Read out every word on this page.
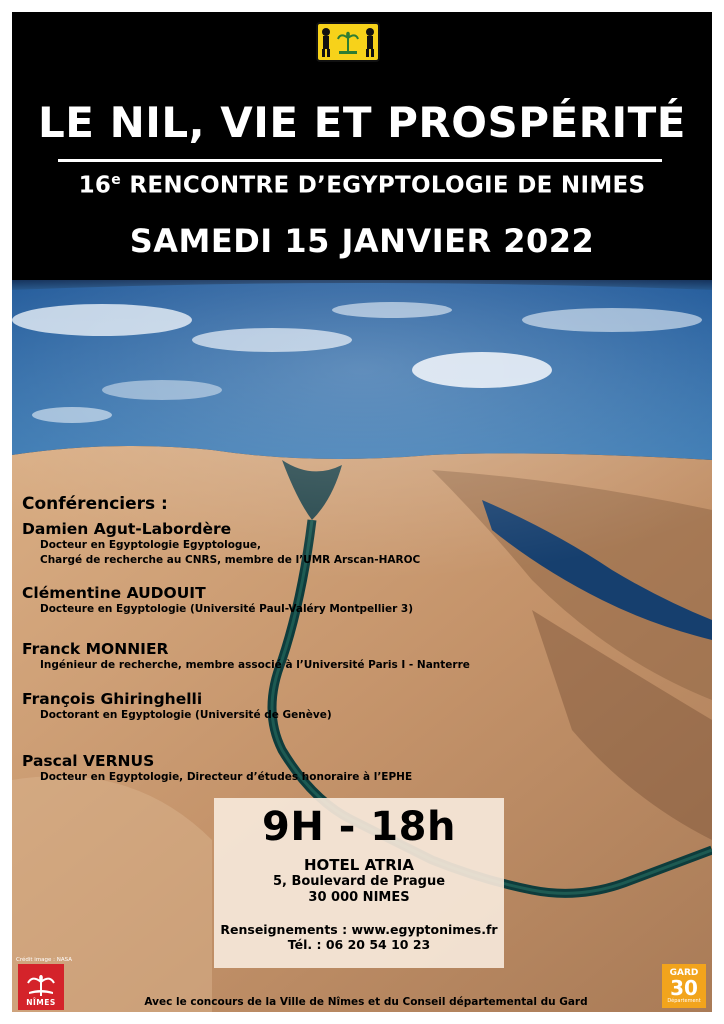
LE NIL, VIE ET PROSPÉRITÉ
16e RENCONTRE D’EGYPTOLOGIE DE NIMES
SAMEDI 15 JANVIER 2022
Conférenciers :
Damien Agut-Labordère
Docteur en Egyptologie Egyptologue,
Chargé de recherche au CNRS, membre de l’UMR Arscan-HAROC
Clémentine AUDOUIT
Docteure en Egyptologie (Université Paul-Valéry Montpellier 3)
Franck MONNIER
Ingénieur de recherche, membre associé à l’Université Paris I - Nanterre
François Ghiringhelli
Doctorant en Egyptologie (Université de Genève)
Pascal VERNUS
Docteur en Egyptologie, Directeur d’études honoraire à l’EPHE
9H - 18h
HOTEL ATRIA
5, Boulevard de Prague
30 000 NIMES
Renseignements : www.egyptonimes.fr
Tél. : 06 20 54 10 23
Crédit image : NASA
NÎMES
GARD
30
Département
Avec le concours de la Ville de Nîmes et du Conseil départemental du Gard
